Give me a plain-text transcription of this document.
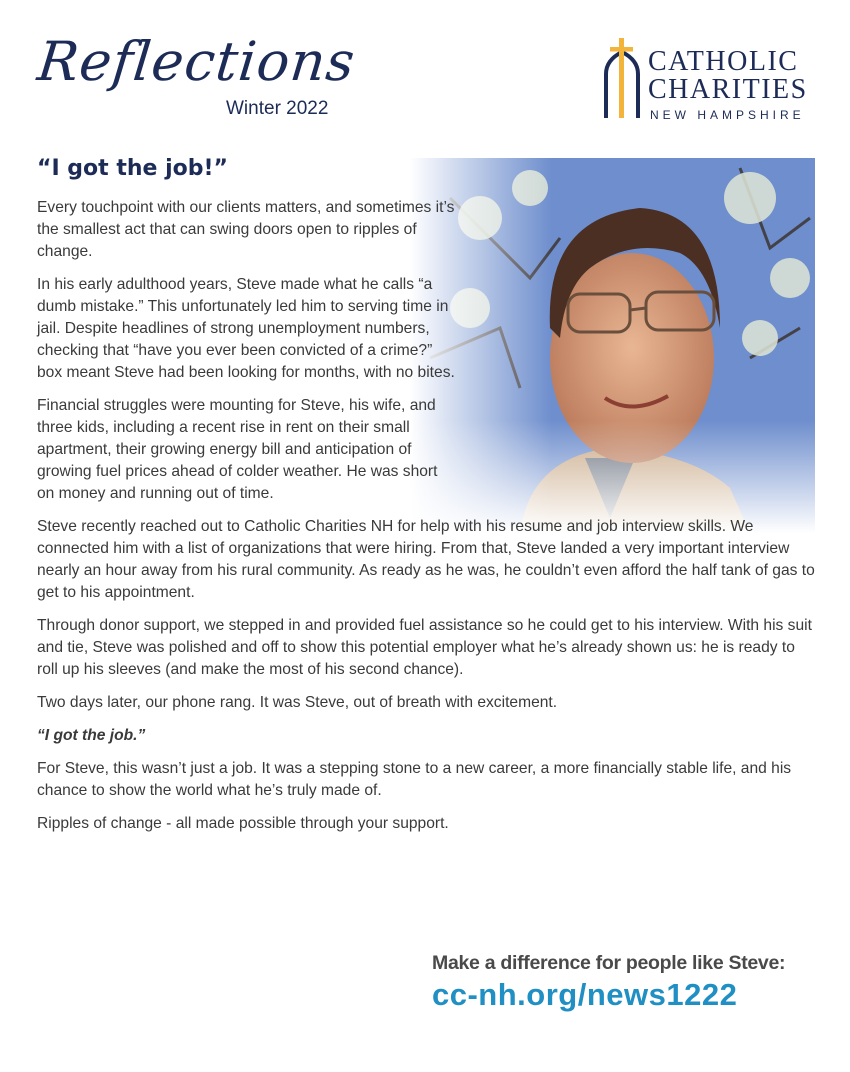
Reflections
Winter 2022
CATHOLIC
CHARITIES
NEW HAMPSHIRE
“I got the job!”

Every touchpoint with our clients matters, and sometimes it’s the smallest act that can swing doors open to ripples of change.

In his early adulthood years, Steve made what he calls “a dumb mistake.” This unfortunately led him to serving time in jail. Despite headlines of strong unemployment numbers, checking that “have you ever been convicted of a crime?” box meant Steve had been looking for months, with no bites.

Financial struggles were mounting for Steve, his wife, and three kids, including a recent rise in rent on their small apartment, their growing energy bill and anticipation of growing fuel prices ahead of colder weather. He was short on money and running out of time.

Steve recently reached out to Catholic Charities NH for help with his resume and job interview skills. We connected him with a list of organizations that were hiring. From that, Steve landed a very important interview nearly an hour away from his rural community. As ready as he was, he couldn’t even afford the half tank of gas to get to his appointment.

Through donor support, we stepped in and provided fuel assistance so he could get to his interview. With his suit and tie, Steve was polished and off to show this potential employer what he’s already shown us: he is ready to roll up his sleeves (and make the most of his second chance).

Two days later, our phone rang. It was Steve, out of breath with excitement.

“I got the job.”

For Steve, this wasn’t just a job. It was a stepping stone to a new career, a more financially stable life, and his chance to show the world what he’s truly made of.

Ripples of change - all made possible through your support.

Make a difference for people like Steve:
cc-nh.org/news1222
